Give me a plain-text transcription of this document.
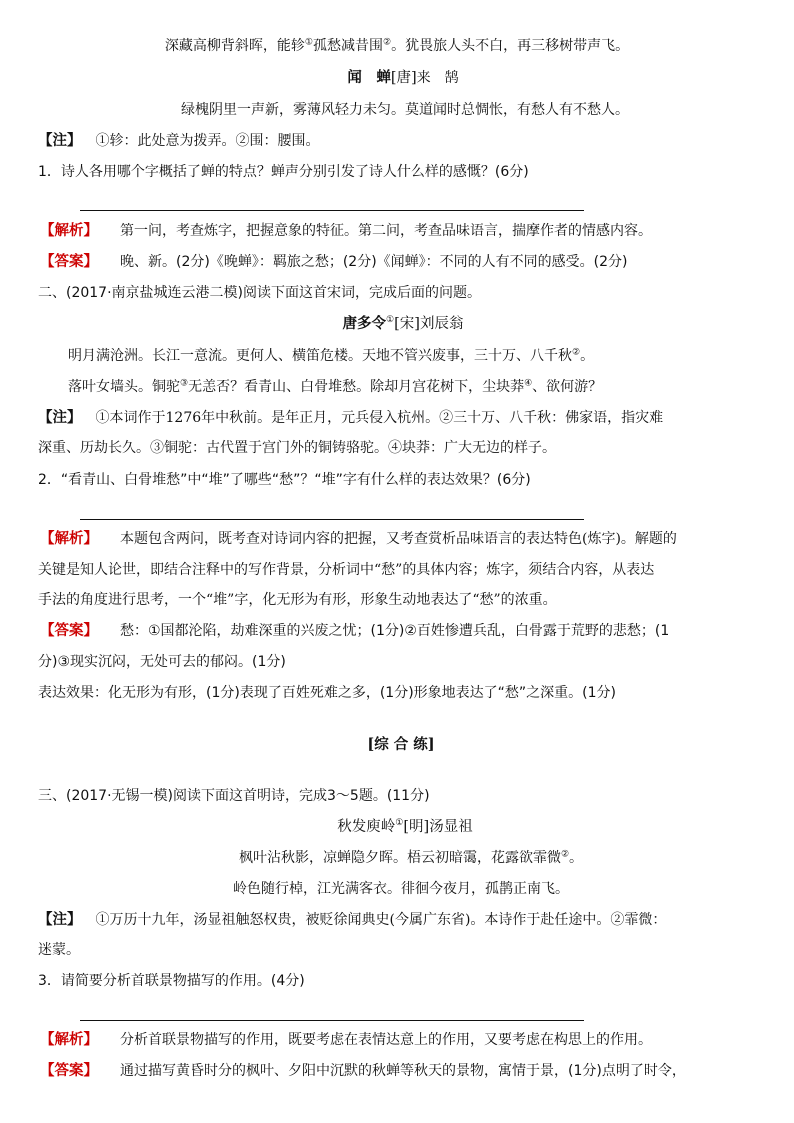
深藏高柳背斜晖，能轸①孤愁减昔围②。犹畏旅人头不白，再三移树带声飞。
闻　蝉[唐]来　鹄
绿槐阴里一声新，雾薄风轻力未匀。莫道闻时总惆怅，有愁人有不愁人。
【注】 ①轸：此处意为拨弄。②围：腰围。
1．诗人各用哪个字概括了蝉的特点？蝉声分别引发了诗人什么样的感慨？(6分)
【解析】 第一问，考查炼字，把握意象的特征。第二问，考查品味语言，揣摩作者的情感内容。
【答案】 晚、新。(2分)《晚蝉》：羁旅之愁；(2分)《闻蝉》：不同的人有不同的感受。(2分)
二、(2017·南京盐城连云港二模)阅读下面这首宋词，完成后面的问题。
唐多令①[宋]刘辰翁
明月满沧洲。长江一意流。更何人、横笛危楼。天地不管兴废事，三十万、八千秋②。
落叶女墙头。铜驼③无恙否？看青山、白骨堆愁。除却月宫花树下，尘块莽④、欲何游？
【注】 ①本词作于1276年中秋前。是年正月，元兵侵入杭州。②三十万、八千秋：佛家语，指灾难
深重、历劫长久。③铜驼：古代置于宫门外的铜铸骆驼。④块莽：广大无边的样子。
2．“看青山、白骨堆愁”中“堆”了哪些“愁”？“堆”字有什么样的表达效果？(6分)
【解析】 本题包含两问，既考查对诗词内容的把握，又考查赏析品味语言的表达特色(炼字)。解题的
关键是知人论世，即结合注释中的写作背景，分析词中“愁”的具体内容；炼字，须结合内容，从表达
手法的角度进行思考，一个“堆”字，化无形为有形，形象生动地表达了“愁”的浓重。
【答案】 愁：①国都沦陷，劫难深重的兴废之忧；(1分)②百姓惨遭兵乱，白骨露于荒野的悲愁；(1
分)③现实沉闷，无处可去的郁闷。(1分)
表达效果：化无形为有形，(1分)表现了百姓死难之多，(1分)形象地表达了“愁”之深重。(1分)
[综 合 练]
三、(2017·无锡一模)阅读下面这首明诗，完成3～5题。(11分)
秋发庾岭①[明]汤显祖
枫叶沾秋影，凉蝉隐夕晖。梧云初暗霭，花露欲霏微②。
岭色随行棹，江光满客衣。徘徊今夜月，孤鹊正南飞。
【注】 ①万历十九年，汤显祖触怒权贵，被贬徐闻典史(今属广东省)。本诗作于赴任途中。②霏微：
迷蒙。
3．请简要分析首联景物描写的作用。(4分)
【解析】 分析首联景物描写的作用，既要考虑在表情达意上的作用，又要考虑在构思上的作用。
【答案】 通过描写黄昏时分的枫叶、夕阳中沉默的秋蝉等秋天的景物，寓情于景，(1分)点明了时令，
